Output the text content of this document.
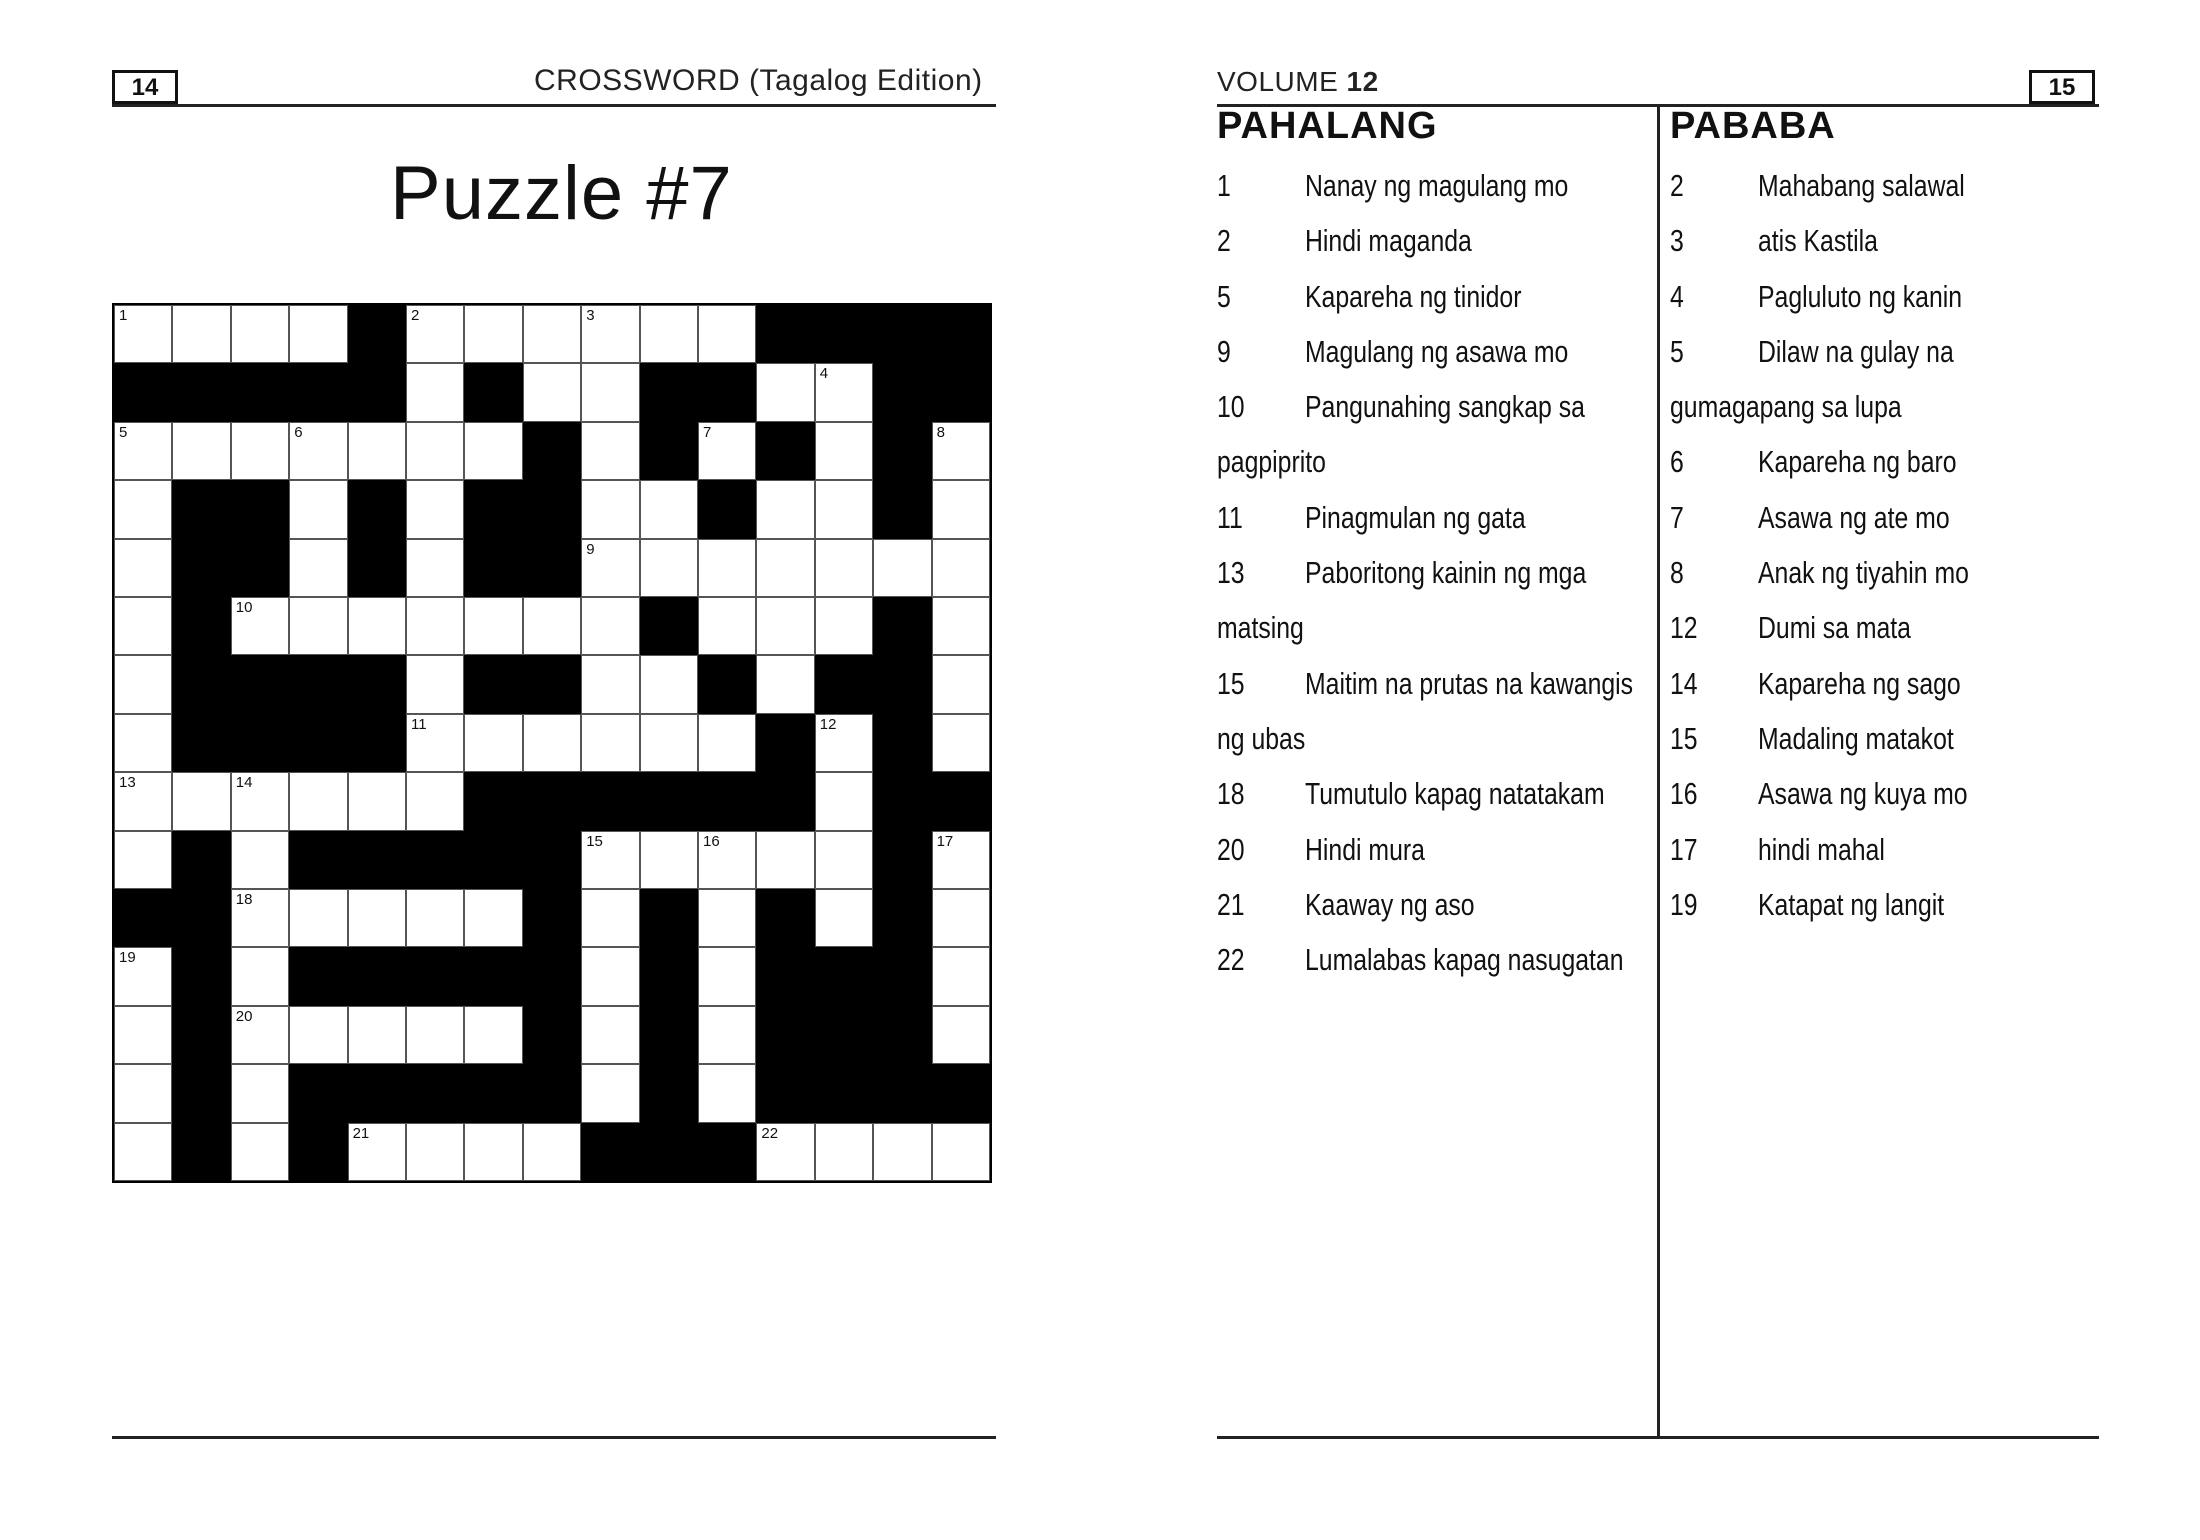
14	CROSSWORD (Tagalog Edition)
Puzzle #7
1	2	3
4
5	6	7	8
9
10
11	12
13	14
15	16	17
18
19
20
21	22
VOLUME 12	15
PAHALANG	PABABA
1 Nanay ng magulang mo
2 Hindi maganda
5 Kapareha ng tinidor
9 Magulang ng asawa mo
10 Pangunahing sangkap sa pagpiprito
11 Pinagmulan ng gata
13 Paboritong kainin ng mga matsing
15 Maitim na prutas na kawangis ng ubas
18 Tumutulo kapag natatakam
20 Hindi mura
21 Kaaway ng aso
22 Lumalabas kapag nasugatan
2 Mahabang salawal
3 atis Kastila
4 Pagluluto ng kanin
5 Dilaw na gulay na gumagapang sa lupa
6 Kapareha ng baro
7 Asawa ng ate mo
8 Anak ng tiyahin mo
12 Dumi sa mata
14 Kapareha ng sago
15 Madaling matakot
16 Asawa ng kuya mo
17 hindi mahal
19 Katapat ng langit
